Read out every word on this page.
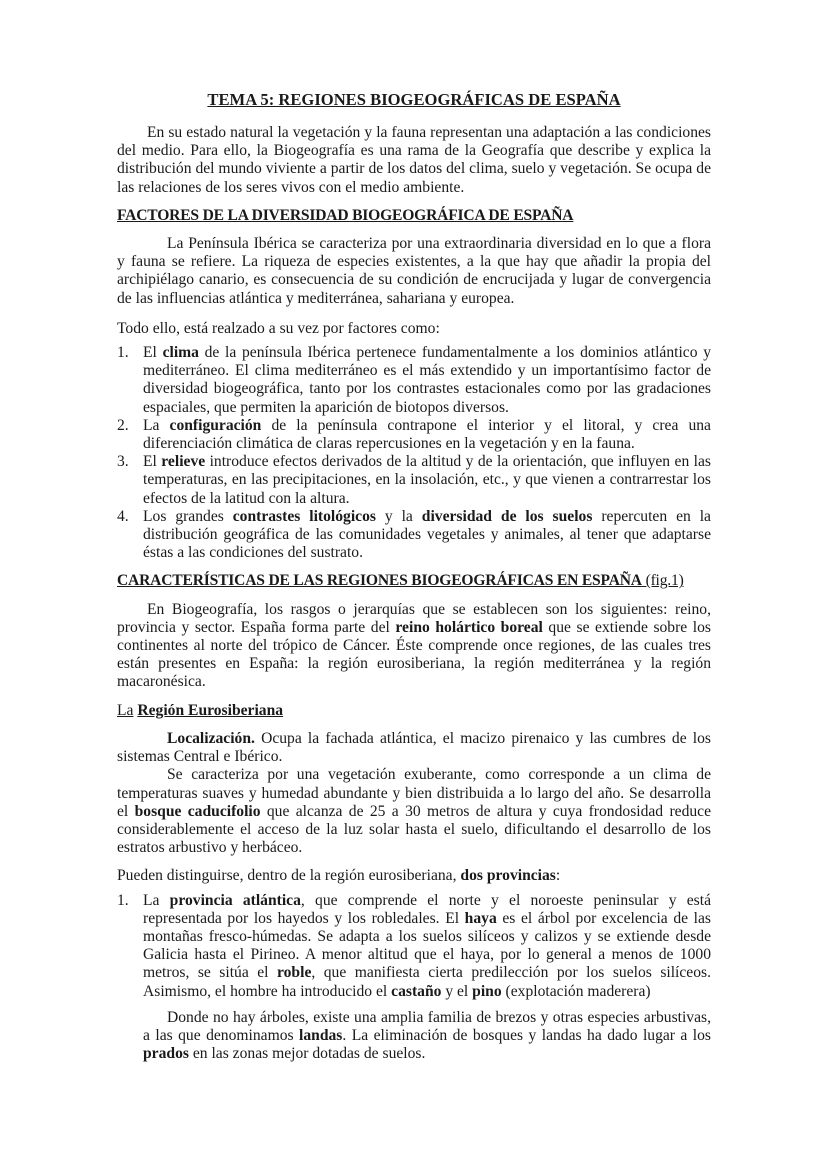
TEMA 5: REGIONES BIOGEOGRÁFICAS DE ESPAÑA

En su estado natural la vegetación y la fauna representan una adaptación a las condiciones del medio. Para ello, la Biogeografía es una rama de la Geografía que describe y explica la distribución del mundo viviente a partir de los datos del clima, suelo y vegetación. Se ocupa de las relaciones de los seres vivos con el medio ambiente.

FACTORES DE LA DIVERSIDAD BIOGEOGRÁFICA DE ESPAÑA

La Península Ibérica se caracteriza por una extraordinaria diversidad en lo que a flora y fauna se refiere. La riqueza de especies existentes, a la que hay que añadir la propia del archipiélago canario, es consecuencia de su condición de encrucijada y lugar de convergencia de las influencias atlántica y mediterránea, sahariana y europea.

Todo ello, está realzado a su vez por factores como:

1. El clima de la península Ibérica pertenece fundamentalmente a los dominios atlántico y mediterráneo. El clima mediterráneo es el más extendido y un importantísimo factor de diversidad biogeográfica, tanto por los contrastes estacionales como por las gradaciones espaciales, que permiten la aparición de biotopos diversos.
2. La configuración de la península contrapone el interior y el litoral, y crea una diferenciación climática de claras repercusiones en la vegetación y en la fauna.
3. El relieve introduce efectos derivados de la altitud y de la orientación, que influyen en las temperaturas, en las precipitaciones, en la insolación, etc., y que vienen a contrarrestar los efectos de la latitud con la altura.
4. Los grandes contrastes litológicos y la diversidad de los suelos repercuten en la distribución geográfica de las comunidades vegetales y animales, al tener que adaptarse éstas a las condiciones del sustrato.
CARACTERÍSTICAS DE LAS REGIONES BIOGEOGRÁFICAS EN ESPAÑA (fig.1)

En Biogeografía, los rasgos o jerarquías que se establecen son los siguientes: reino, provincia y sector. España forma parte del reino holártico boreal que se extiende sobre los continentes al norte del trópico de Cáncer. Éste comprende once regiones, de las cuales tres están presentes en España: la región eurosiberiana, la región mediterránea y la región macaronésica.

La Región Eurosiberiana

Localización. Ocupa la fachada atlántica, el macizo pirenaico y las cumbres de los sistemas Central e Ibérico.

Se caracteriza por una vegetación exuberante, como corresponde a un clima de temperaturas suaves y humedad abundante y bien distribuida a lo largo del año. Se desarrolla el bosque caducifolio que alcanza de 25 a 30 metros de altura y cuya frondosidad reduce considerablemente el acceso de la luz solar hasta el suelo, dificultando el desarrollo de los estratos arbustivo y herbáceo.

Pueden distinguirse, dentro de la región eurosiberiana, dos provincias:

1. La provincia atlántica, que comprende el norte y el noroeste peninsular y está representada por los hayedos y los robledales. El haya es el árbol por excelencia de las montañas fresco-húmedas. Se adapta a los suelos silíceos y calizos y se extiende desde Galicia hasta el Pirineo. A menor altitud que el haya, por lo general a menos de 1000 metros, se sitúa el roble, que manifiesta cierta predilección por los suelos silíceos. Asimismo, el hombre ha introducido el castaño y el pino (explotación maderera)

Donde no hay árboles, existe una amplia familia de brezos y otras especies arbustivas, a las que denominamos landas. La eliminación de bosques y landas ha dado lugar a los prados en las zonas mejor dotadas de suelos.
